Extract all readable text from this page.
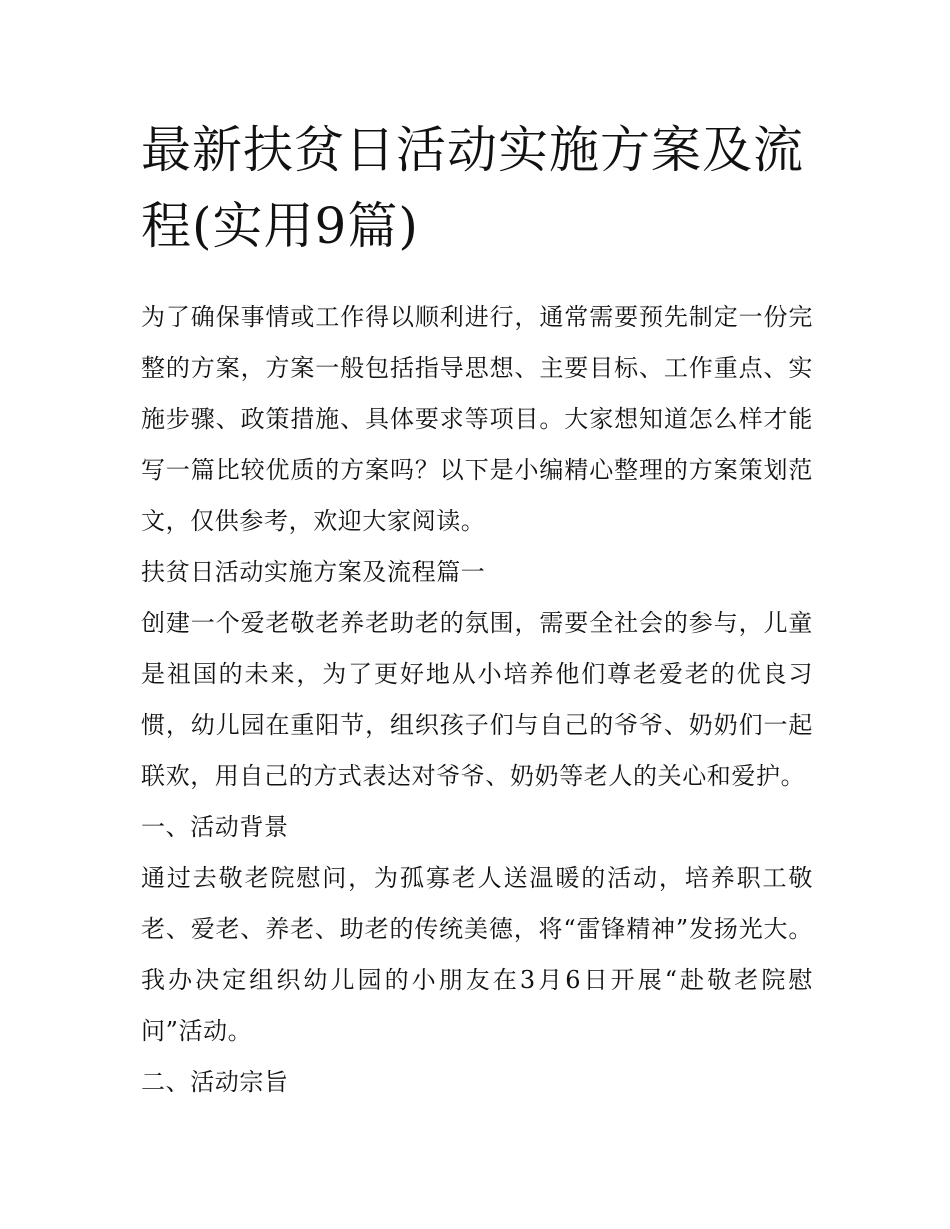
最新扶贫日活动实施方案及流程(实用9篇)

为了确保事情或工作得以顺利进行，通常需要预先制定一份完整的方案，方案一般包括指导思想、主要目标、工作重点、实施步骤、政策措施、具体要求等项目。大家想知道怎么样才能写一篇比较优质的方案吗？以下是小编精心整理的方案策划范文，仅供参考，欢迎大家阅读。

扶贫日活动实施方案及流程篇一

创建一个爱老敬老养老助老的氛围，需要全社会的参与，儿童是祖国的未来，为了更好地从小培养他们尊老爱老的优良习惯，幼儿园在重阳节，组织孩子们与自己的爷爷、奶奶们一起联欢，用自己的方式表达对爷爷、奶奶等老人的关心和爱护。

一、活动背景

通过去敬老院慰问，为孤寡老人送温暖的活动，培养职工敬老、爱老、养老、助老的传统美德，将“雷锋精神”发扬光大。我办决定组织幼儿园的小朋友在3月6日开展“赴敬老院慰问”活动。

二、活动宗旨
